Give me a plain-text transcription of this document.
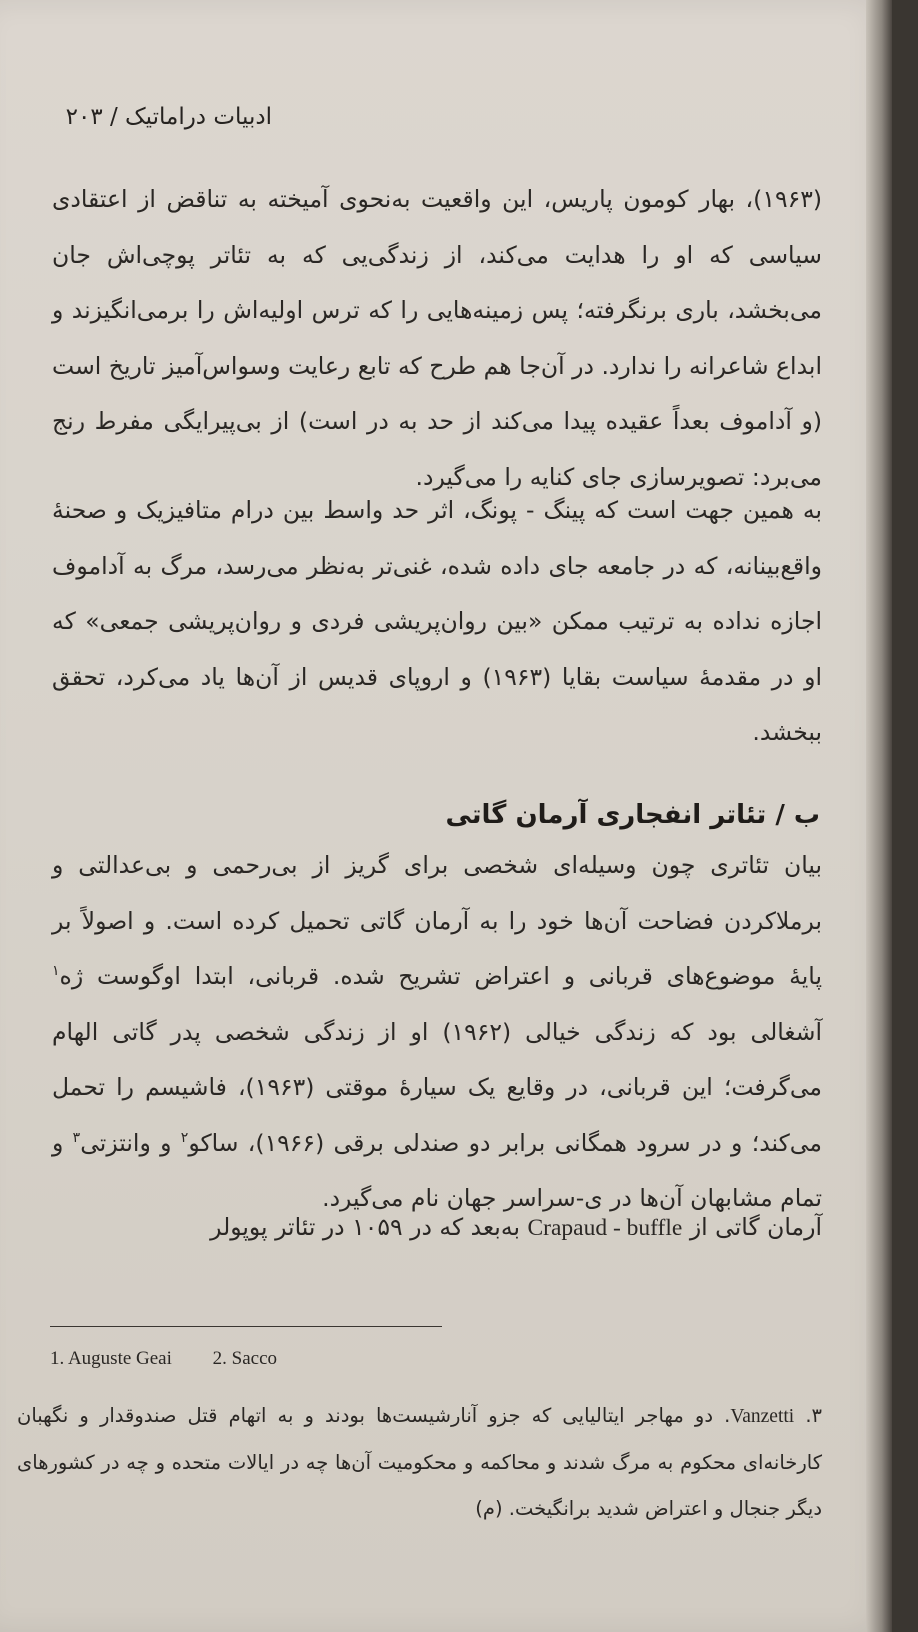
ادبیات دراماتیک / ۲۰۳
(۱۹۶۳)، بهار کومون پاریس، این واقعیت به‌نحوی آمیخته به تناقض از اعتقادی سیاسی که او را هدایت می‌کند، از زندگی‌یی که به تئاتر پوچی‌اش جان می‌بخشد، باری برنگرفته؛ پس زمینه‌هایی را که ترس اولیه‌اش را برمی‌انگیزند و ابداع شاعرانه را ندارد. در آن‌جا هم طرح که تابع رعایت وسواس‌آمیز تاریخ است (و آداموف بعداً عقیده پیدا می‌کند از حد به در است) از بی‌پیرایگی مفرط رنج می‌برد: تصویرسازی جای کنایه را می‌گیرد.
به همین جهت است که پینگ - پونگ، اثر حد واسط بین درام متافیزیک و صحنهٔ واقع‌بینانه، که در جامعه جای داده شده، غنی‌تر به‌نظر می‌رسد، مرگ به آداموف اجازه نداده به ترتیب ممکن «بین روان‌پریشی فردی و روان‌پریشی جمعی» که او در مقدمهٔ سیاست بقایا (۱۹۶۳) و اروپای قدیس از آن‌ها یاد می‌کرد، تحقق ببخشد.
ب / تئاتر انفجاری آرمان گاتی
بیان تئاتری چون وسیله‌ای شخصی برای گریز از بی‌رحمی و بی‌عدالتی و برملاکردن فضاحت آن‌ها خود را به آرمان گاتی تحمیل کرده است. و اصولاً بر پایهٔ موضوع‌های قربانی و اعتراض تشریح شده. قربانی، ابتدا اوگوست ژه$^۱$ آشغالی بود که زندگی خیالی (۱۹۶۲) او از زندگی شخصی پدر گاتی الهام می‌گرفت؛ این قربانی، در وقایع یک سیارهٔ موقتی (۱۹۶۳)، فاشیسم را تحمل می‌کند؛ و در سرود همگانی برابر دو صندلی برقی (۱۹۶۶)، ساکو$^۲$ و وانتزتی$^۳$ و تمام مشابهان آن‌ها در ی-سراسر جهان نام می‌گیرد.
آرمان گاتی از Crapaud - buffle به‌بعد که در ۱۰۵۹ در تئاتر پوپولر
1. Auguste Geai 2. Sacco
۳. Vanzetti. دو مهاجر ایتالیایی که جزو آنارشیست‌ها بودند و به اتهام قتل صندوقدار و نگهبان کارخانه‌ای محکوم به مرگ شدند و محاکمه و محکومیت آن‌ها چه در ایالات متحده و چه در کشورهای دیگر جنجال و اعتراض شدید برانگیخت. (م)
